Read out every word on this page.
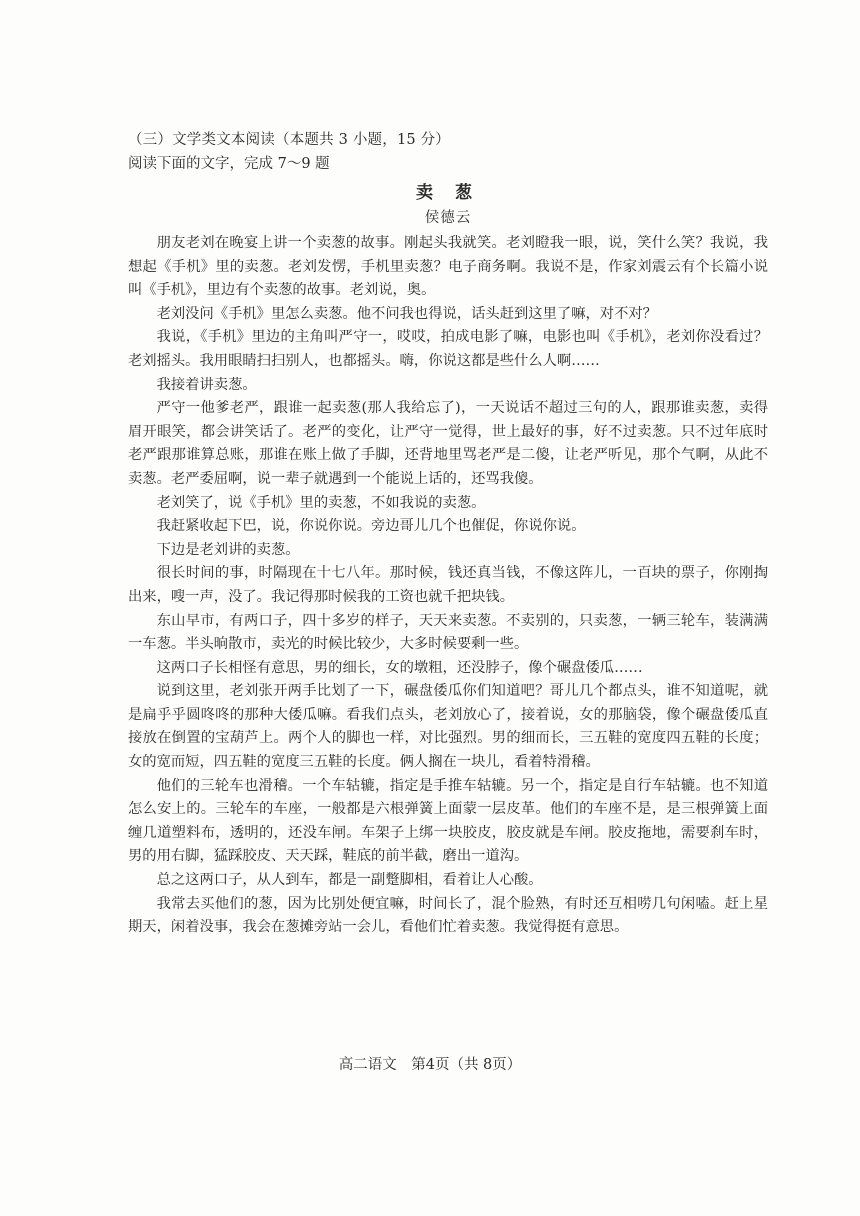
（三）文学类文本阅读（本题共 3 小题，15 分）

阅读下面的文字，完成 7～9 题

卖 葱

侯德云

朋友老刘在晚宴上讲一个卖葱的故事。刚起头我就笑。老刘瞪我一眼，说，笑什么笑？我说，我想起《手机》里的卖葱。老刘发愣，手机里卖葱？电子商务啊。我说不是，作家刘震云有个长篇小说叫《手机》，里边有个卖葱的故事。老刘说，奥。

老刘没问《手机》里怎么卖葱。他不问我也得说，话头赶到这里了嘛，对不对？

我说，《手机》里边的主角叫严守一，哎哎，拍成电影了嘛，电影也叫《手机》，老刘你没看过？老刘摇头。我用眼睛扫扫别人，也都摇头。嗨，你说这都是些什么人啊……

我接着讲卖葱。

严守一他爹老严，跟谁一起卖葱(那人我给忘了)，一天说话不超过三句的人，跟那谁卖葱，卖得眉开眼笑，都会讲笑话了。老严的变化，让严守一觉得，世上最好的事，好不过卖葱。只不过年底时老严跟那谁算总账，那谁在账上做了手脚，还背地里骂老严是二傻，让老严听见，那个气啊，从此不卖葱。老严委屈啊，说一辈子就遇到一个能说上话的，还骂我傻。

老刘笑了，说《手机》里的卖葱，不如我说的卖葱。

我赶紧收起下巴，说，你说你说。旁边哥儿几个也催促，你说你说。

下边是老刘讲的卖葱。

很长时间的事，时隔现在十七八年。那时候，钱还真当钱，不像这阵儿，一百块的票子，你刚掏出来，嗖一声，没了。我记得那时候我的工资也就千把块钱。

东山早市，有两口子，四十多岁的样子，天天来卖葱。不卖别的，只卖葱，一辆三轮车，装满满一车葱。半头晌散市，卖光的时候比较少，大多时候要剩一些。

这两口子长相怪有意思，男的细长，女的墩粗，还没脖子，像个碾盘倭瓜……

说到这里，老刘张开两手比划了一下，碾盘倭瓜你们知道吧？哥儿几个都点头，谁不知道呢，就是扁乎乎圆咚咚的那种大倭瓜嘛。看我们点头，老刘放心了，接着说，女的那脑袋，像个碾盘倭瓜直接放在倒置的宝葫芦上。两个人的脚也一样，对比强烈。男的细而长，三五鞋的宽度四五鞋的长度；女的宽而短，四五鞋的宽度三五鞋的长度。俩人搁在一块儿，看着特滑稽。

他们的三轮车也滑稽。一个车轱辘，指定是手推车轱辘。另一个，指定是自行车轱辘。也不知道怎么安上的。三轮车的车座，一般都是六根弹簧上面蒙一层皮革。他们的车座不是，是三根弹簧上面缠几道塑料布，透明的，还没车闸。车架子上绑一块胶皮，胶皮就是车闸。胶皮拖地，需要刹车时，男的用右脚，猛踩胶皮、天天踩，鞋底的前半截，磨出一道沟。

总之这两口子，从人到车，都是一副蹩脚相，看着让人心酸。

我常去买他们的葱，因为比别处便宜嘛，时间长了，混个脸熟，有时还互相唠几句闲嗑。赶上星期天，闲着没事，我会在葱摊旁站一会儿，看他们忙着卖葱。我觉得挺有意思。

高二语文　第4页（共 8页）
